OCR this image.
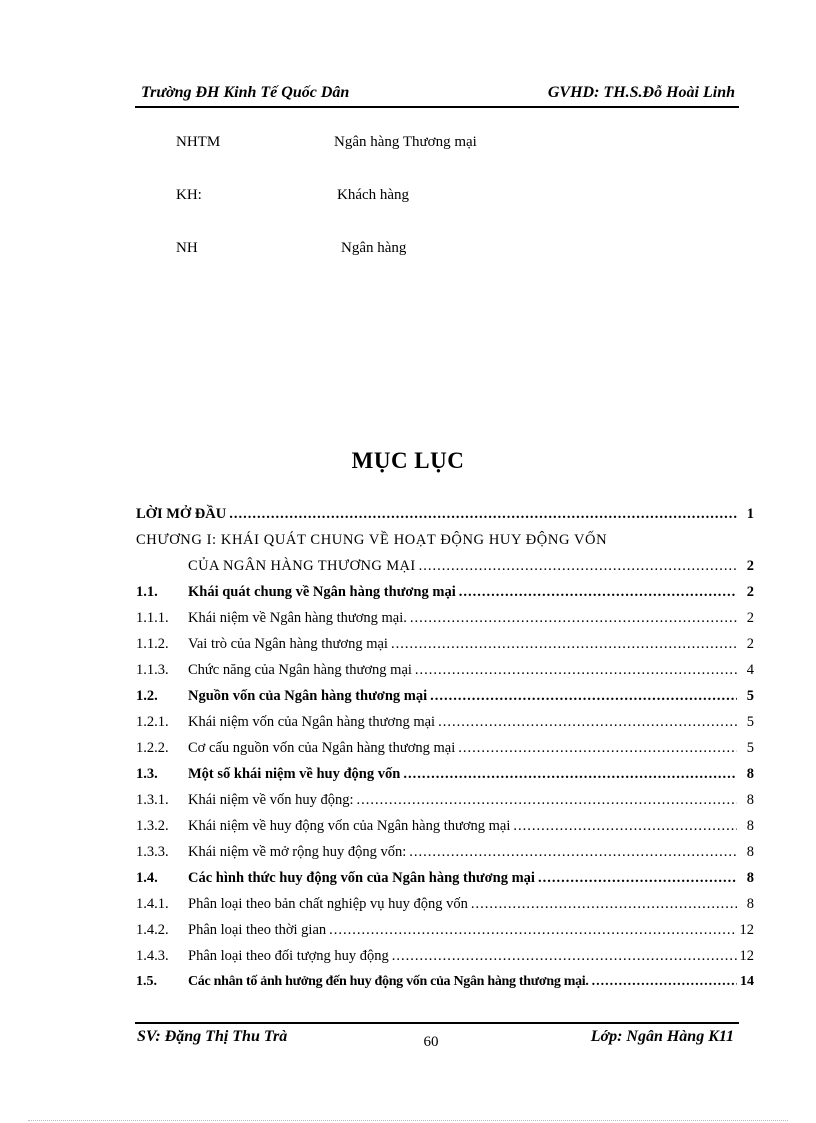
Trường ĐH Kinh Tế Quốc Dân	GVHD: TH.S.Đỗ Hoài Linh
NHTM	Ngân hàng Thương mại
KH:	Khách hàng
NH	Ngân hàng
MỤC LỤC
LỜI MỞ ĐẦU .....	1
CHƯƠNG I: KHÁI QUÁT CHUNG VỀ HOẠT ĐỘNG HUY ĐỘNG VỐN
CỦA NGÂN HÀNG THƯƠNG MẠI .....	2
1.1.	Khái quát chung về Ngân hàng thương mại .....	2
1.1.1.	Khái niệm về Ngân hàng thương mại. .....	2
1.1.2.	Vai trò của Ngân hàng thương mại .....	2
1.1.3.	Chức năng của Ngân hàng thương mại .....	4
1.2.	Nguồn vốn của Ngân hàng thương mại .....	5
1.2.1.	Khái niệm vốn của Ngân hàng thương mại .....	5
1.2.2.	Cơ cấu nguồn vốn của Ngân hàng thương mại .....	5
1.3.	Một số khái niệm về huy động vốn .....	8
1.3.1.	Khái niệm về vốn huy động: .....	8
1.3.2.	Khái niệm về huy động vốn của Ngân hàng thương mại .....	8
1.3.3.	Khái niệm về mở rộng huy động vốn: .....	8
1.4.	Các hình thức huy động vốn của Ngân hàng thương mại .....	8
1.4.1.	Phân loại theo bản chất nghiệp vụ huy động vốn .....	8
1.4.2.	Phân loại theo thời gian .....	12
1.4.3.	Phân loại theo đối tượng huy động .....	12
1.5.	Các nhân tố ảnh hưởng đến huy động vốn của Ngân hàng thương mại. .....	14
SV: Đặng Thị Thu Trà	60	Lớp: Ngân Hàng K11
